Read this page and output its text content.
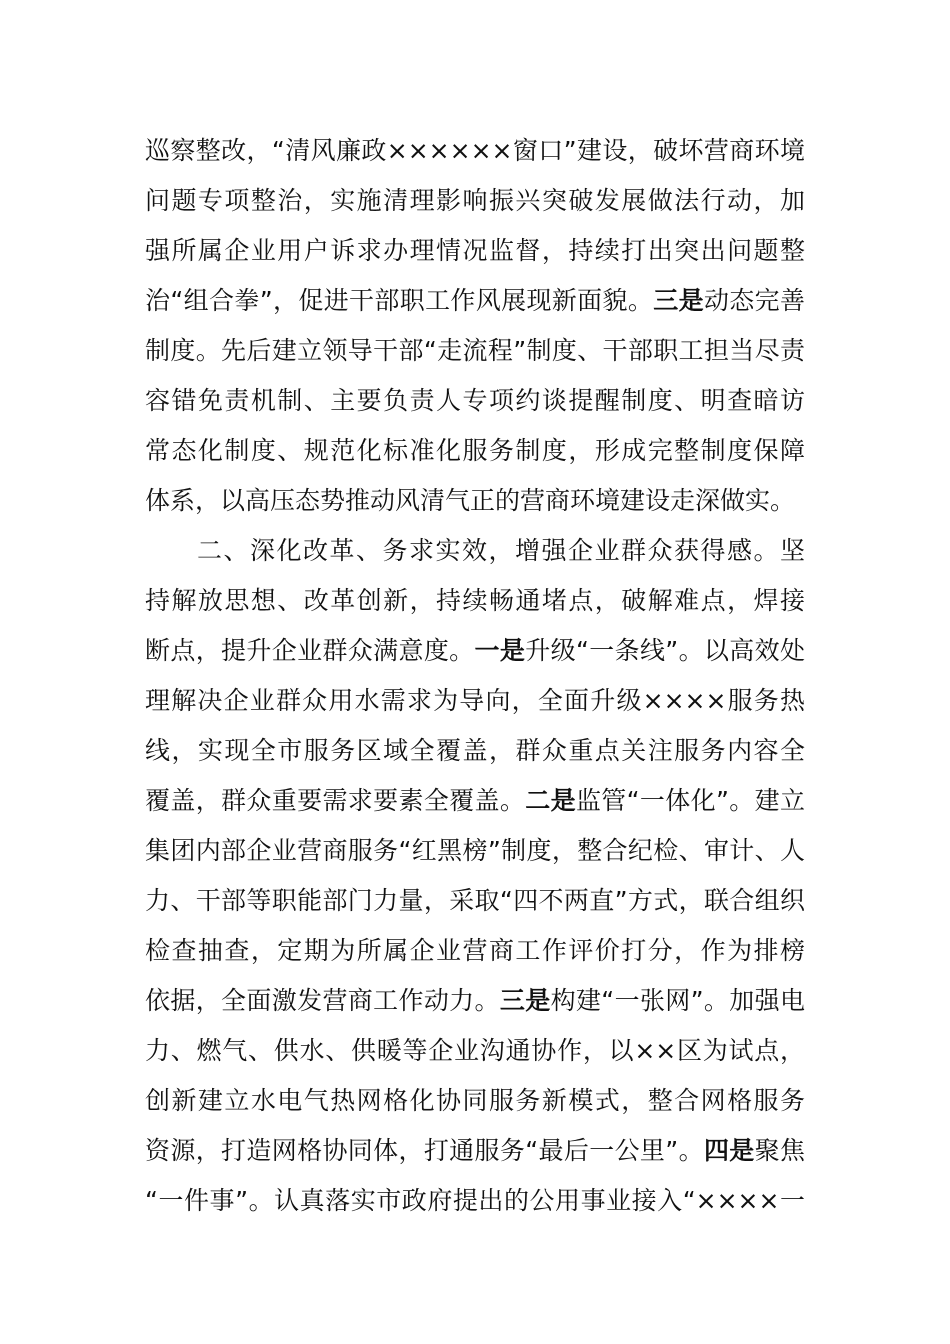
巡察整改，“清风廉政××××××窗口”建设，破坏营商环境
问题专项整治，实施清理影响振兴突破发展做法行动，加
强所属企业用户诉求办理情况监督，持续打出突出问题整
治“组合拳”，促进干部职工作风展现新面貌。三是动态完善
制度。先后建立领导干部“走流程”制度、干部职工担当尽责
容错免责机制、主要负责人专项约谈提醒制度、明查暗访
常态化制度、规范化标准化服务制度，形成完整制度保障
体系，以高压态势推动风清气正的营商环境建设走深做实。
二、深化改革、务求实效，增强企业群众获得感。坚
持解放思想、改革创新，持续畅通堵点，破解难点，焊接
断点，提升企业群众满意度。一是升级“一条线”。以高效处
理解决企业群众用水需求为导向，全面升级××××服务热
线，实现全市服务区域全覆盖，群众重点关注服务内容全
覆盖，群众重要需求要素全覆盖。二是监管“一体化”。建立
集团内部企业营商服务“红黑榜”制度，整合纪检、审计、人
力、干部等职能部门力量，采取“四不两直”方式，联合组织
检查抽查，定期为所属企业营商工作评价打分，作为排榜
依据，全面激发营商工作动力。三是构建“一张网”。加强电
力、燃气、供水、供暖等企业沟通协作，以××区为试点，
创新建立水电气热网格化协同服务新模式，整合网格服务
资源，打造网格协同体，打通服务“最后一公里”。四是聚焦
“一件事”。认真落实市政府提出的公用事业接入“××××一
